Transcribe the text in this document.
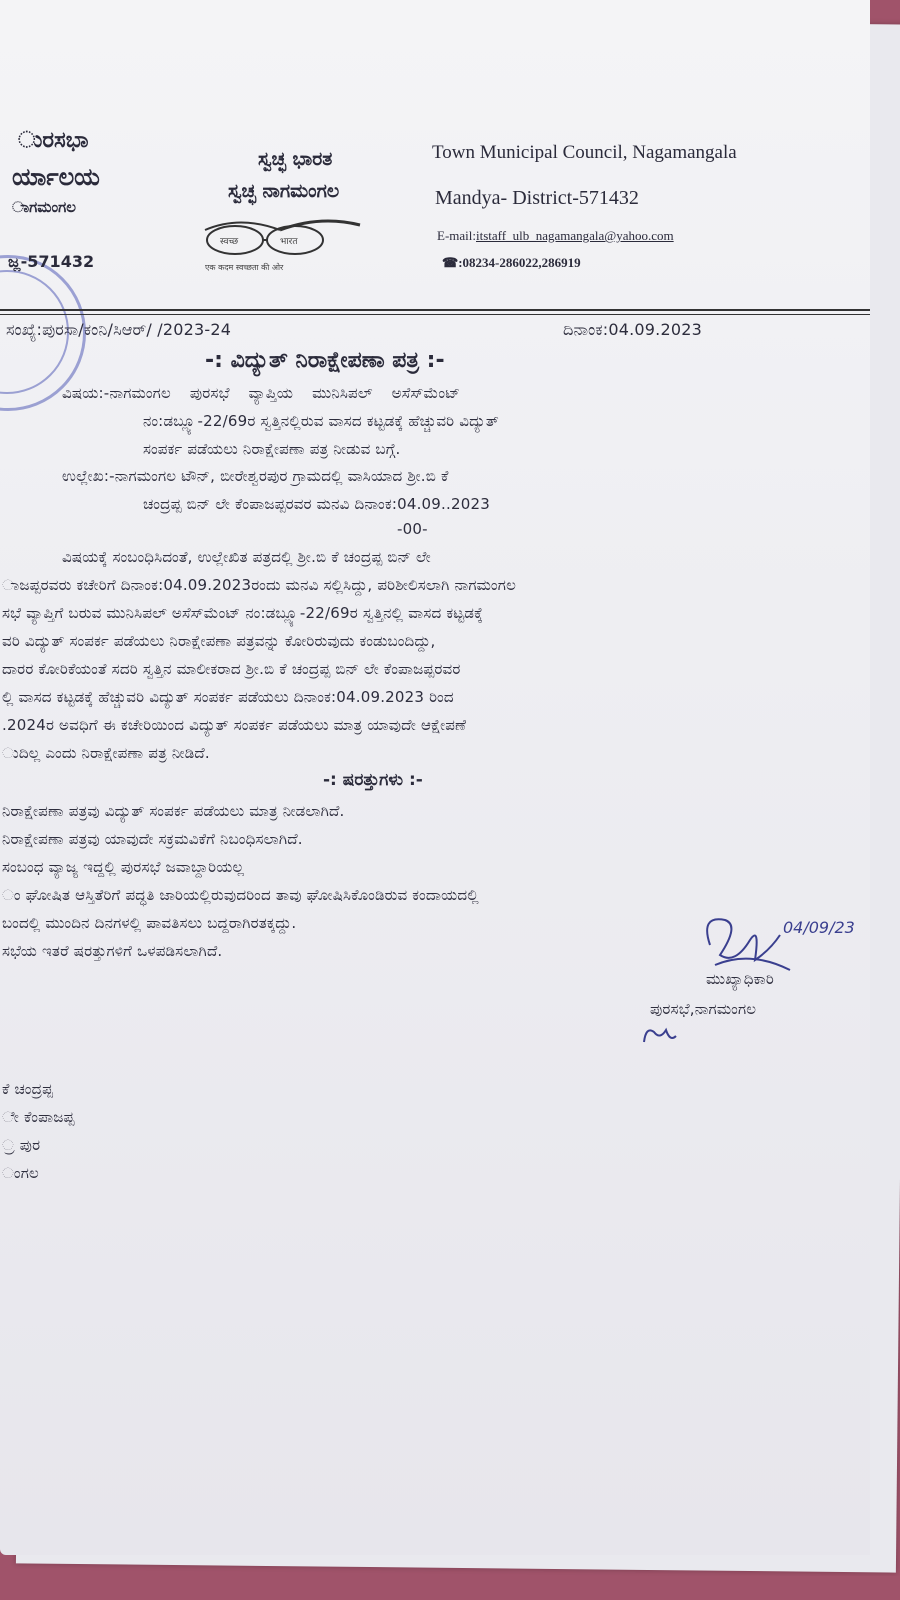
ುರಸಭಾ
ರ್ಯಾಲಯ
ಾಗಮಂಗಲ
ಜ್ಲ-571432
ಸ್ವಚ್ಛ ಭಾರತ
ಸ್ವಚ್ಛ ನಾಗಮಂಗಲ
स्वच्छ	भारत
एक कदम स्वच्छता की ओर
Town Municipal Council, Nagamangala
Mandya- District-571432
E-mail:itstaff_ulb_nagamangala@yahoo.com
☎:08234-286022,286919
ಸಂಖ್ಯೆ:ಪುರಸಾ/ಕಂನಿ/ಸಿಆರ್/ /2023-24	ದಿನಾಂಕ:04.09.2023
-: ವಿದ್ಯುತ್ ನಿರಾಕ್ಷೇಪಣಾ ಪತ್ರ :-
ವಿಷಯ:-ನಾಗಮಂಗಲ ಪುರಸಭೆ ವ್ಯಾಪ್ತಿಯ ಮುನಿಸಿಪಲ್ ಅಸೆಸ್‌ಮೆಂಟ್
ನಂ:ಡಬ್ಲ್ಯೂ-22/69ರ ಸ್ವತ್ತಿನಲ್ಲಿರುವ ವಾಸದ ಕಟ್ಟಡಕ್ಕೆ ಹೆಚ್ಚುವರಿ ವಿದ್ಯುತ್
ಸಂಪರ್ಕ ಪಡೆಯಲು ನಿರಾಕ್ಷೇಪಣಾ ಪತ್ರ ನೀಡುವ ಬಗ್ಗೆ.
ಉಲ್ಲೇಖ:-ನಾಗಮಂಗಲ ಟೌನ್, ಬೀರೇಶ್ವರಪುರ ಗ್ರಾಮದಲ್ಲಿ ವಾಸಿಯಾದ ಶ್ರೀ.ಬಿ ಕೆ
ಚಂದ್ರಪ್ಪ ಬಿನ್ ಲೇ ಕೆಂಪಾಜಪ್ಪರವರ ಮನವಿ ದಿನಾಂಕ:04.09..2023
-00-
ವಿಷಯಕ್ಕೆ ಸಂಬಂಧಿಸಿದಂತೆ, ಉಲ್ಲೇಖಿತ ಪತ್ರದಲ್ಲಿ ಶ್ರೀ.ಬಿ ಕೆ ಚಂದ್ರಪ್ಪ ಬಿನ್ ಲೇ
ಾಜಪ್ಪರವರು ಕಚೇರಿಗೆ ದಿನಾಂಕ:04.09.2023ರಂದು ಮನವಿ ಸಲ್ಲಿಸಿದ್ದು, ಪರಿಶೀಲಿಸಲಾಗಿ ನಾಗಮಂಗಲ
ಸಭೆ ವ್ಯಾಪ್ತಿಗೆ ಬರುವ ಮುನಿಸಿಪಲ್ ಅಸೆಸ್‌ಮೆಂಟ್ ನಂ:ಡಬ್ಲ್ಯೂ-22/69ರ ಸ್ವತ್ತಿನಲ್ಲಿ ವಾಸದ ಕಟ್ಟಡಕ್ಕೆ
ವರಿ ವಿದ್ಯುತ್ ಸಂಪರ್ಕ ಪಡೆಯಲು ನಿರಾಕ್ಷೇಪಣಾ ಪತ್ರವನ್ನು ಕೋರಿರುವುದು ಕಂಡುಬಂದಿದ್ದು,
ದಾರರ ಕೋರಿಕೆಯಂತೆ ಸದರಿ ಸ್ವತ್ತಿನ ಮಾಲೀಕರಾದ ಶ್ರೀ.ಬಿ ಕೆ ಚಂದ್ರಪ್ಪ ಬಿನ್ ಲೇ ಕೆಂಪಾಜಪ್ಪರವರ
ಲ್ಲಿ ವಾಸದ ಕಟ್ಟಡಕ್ಕೆ ಹೆಚ್ಚುವರಿ ವಿದ್ಯುತ್ ಸಂಪರ್ಕ ಪಡೆಯಲು ದಿನಾಂಕ:04.09.2023 ರಿಂದ
.2024ರ ಅವಧಿಗೆ ಈ ಕಚೇರಿಯಿಂದ ವಿದ್ಯುತ್ ಸಂಪರ್ಕ ಪಡೆಯಲು ಮಾತ್ರ ಯಾವುದೇ ಆಕ್ಷೇಪಣೆ
ುದಿಲ್ಲ ಎಂದು ನಿರಾಕ್ಷೇಪಣಾ ಪತ್ರ ನೀಡಿದೆ.
-: ಷರತ್ತುಗಳು :-
ನಿರಾಕ್ಷೇಪಣಾ ಪತ್ರವು ವಿದ್ಯುತ್ ಸಂಪರ್ಕ ಪಡೆಯಲು ಮಾತ್ರ ನೀಡಲಾಗಿದೆ.
ನಿರಾಕ್ಷೇಪಣಾ ಪತ್ರವು ಯಾವುದೇ ಸಕ್ರಮವಿಕೆಗೆ ನಿಬಂಧಿಸಲಾಗಿದೆ.
ಸಂಬಂಧ ವ್ಯಾಜ್ಯ ಇದ್ದಲ್ಲಿ ಪುರಸಭೆ ಜವಾಬ್ದಾರಿಯಲ್ಲ
ಂ ಘೋಷಿತ ಆಸ್ತಿತೆರಿಗೆ ಪದ್ಧತಿ ಜಾರಿಯಲ್ಲಿರುವುದರಿಂದ ತಾವು ಘೋಷಿಸಿಕೊಂಡಿರುವ ಕಂದಾಯದಲ್ಲಿ
ಬಂದಲ್ಲಿ ಮುಂದಿನ ದಿನಗಳಲ್ಲಿ ಪಾವತಿಸಲು ಬದ್ದರಾಗಿರತಕ್ಕದ್ದು.
ಸಭೆಯ ಇತರೆ ಷರತ್ತುಗಳಿಗೆ ಒಳಪಡಿಸಲಾಗಿದೆ.
04/09/23
ಮುಖ್ಯಾಧಿಕಾರಿ
ಪುರಸಭೆ,ನಾಗಮಂಗಲ
ಕೆ ಚಂದ್ರಪ್ಪ
ೇ ಕೆಂಪಾಜಪ್ಪ
್ರ ಪುರ
ಂಗಲ
